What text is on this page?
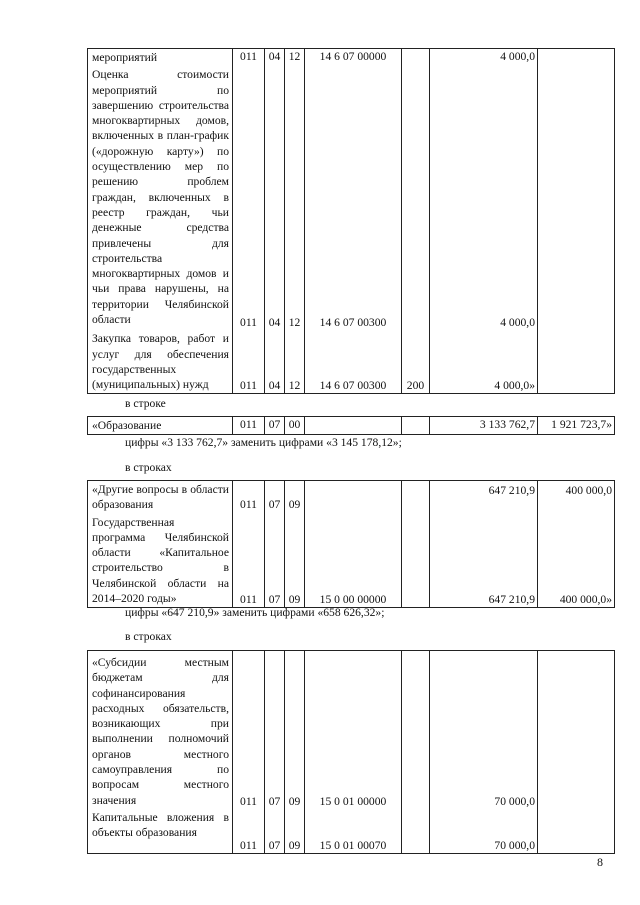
мероприятий	011	04	12	14 6 07 00000		4 000,0	
Оценка стоимости мероприятий по завершению строительства многоквартирных домов, включенных в план-график («дорожную карту») по осуществлению мер по решению проблем граждан, включенных в реестр граждан, чьи денежные средства привлечены для строительства многоквартирных домов и чьи права нарушены, на территории Челябинской области	011	04	12	14 6 07 00300		4 000,0	
Закупка товаров, работ и услуг для обеспечения государственных (муниципальных) нужд	011	04	12	14 6 07 00300	200	4 000,0»	
в строке
«Образование	011	07	00			3 133 762,7	1 921 723,7»
цифры «3 133 762,7» заменить цифрами «3 145 178,12»;
в строках
«Другие вопросы в области образования	011	07	09			647 210,9	400 000,0
Государственная программа Челябинской области «Капитальное строительство в Челябинской области на 2014–2020 годы»	011	07	09	15 0 00 00000		647 210,9	400 000,0»
цифры «647 210,9» заменить цифрами «658 626,32»;
в строках
«Субсидии местным бюджетам для софинансирования расходных обязательств, возникающих при выполнении полномочий органов местного самоуправления по вопросам местного значения	011	07	09	15 0 01 00000		70 000,0	
Капитальные вложения в объекты образования	011	07	09	15 0 01 00070		70 000,0	
8
